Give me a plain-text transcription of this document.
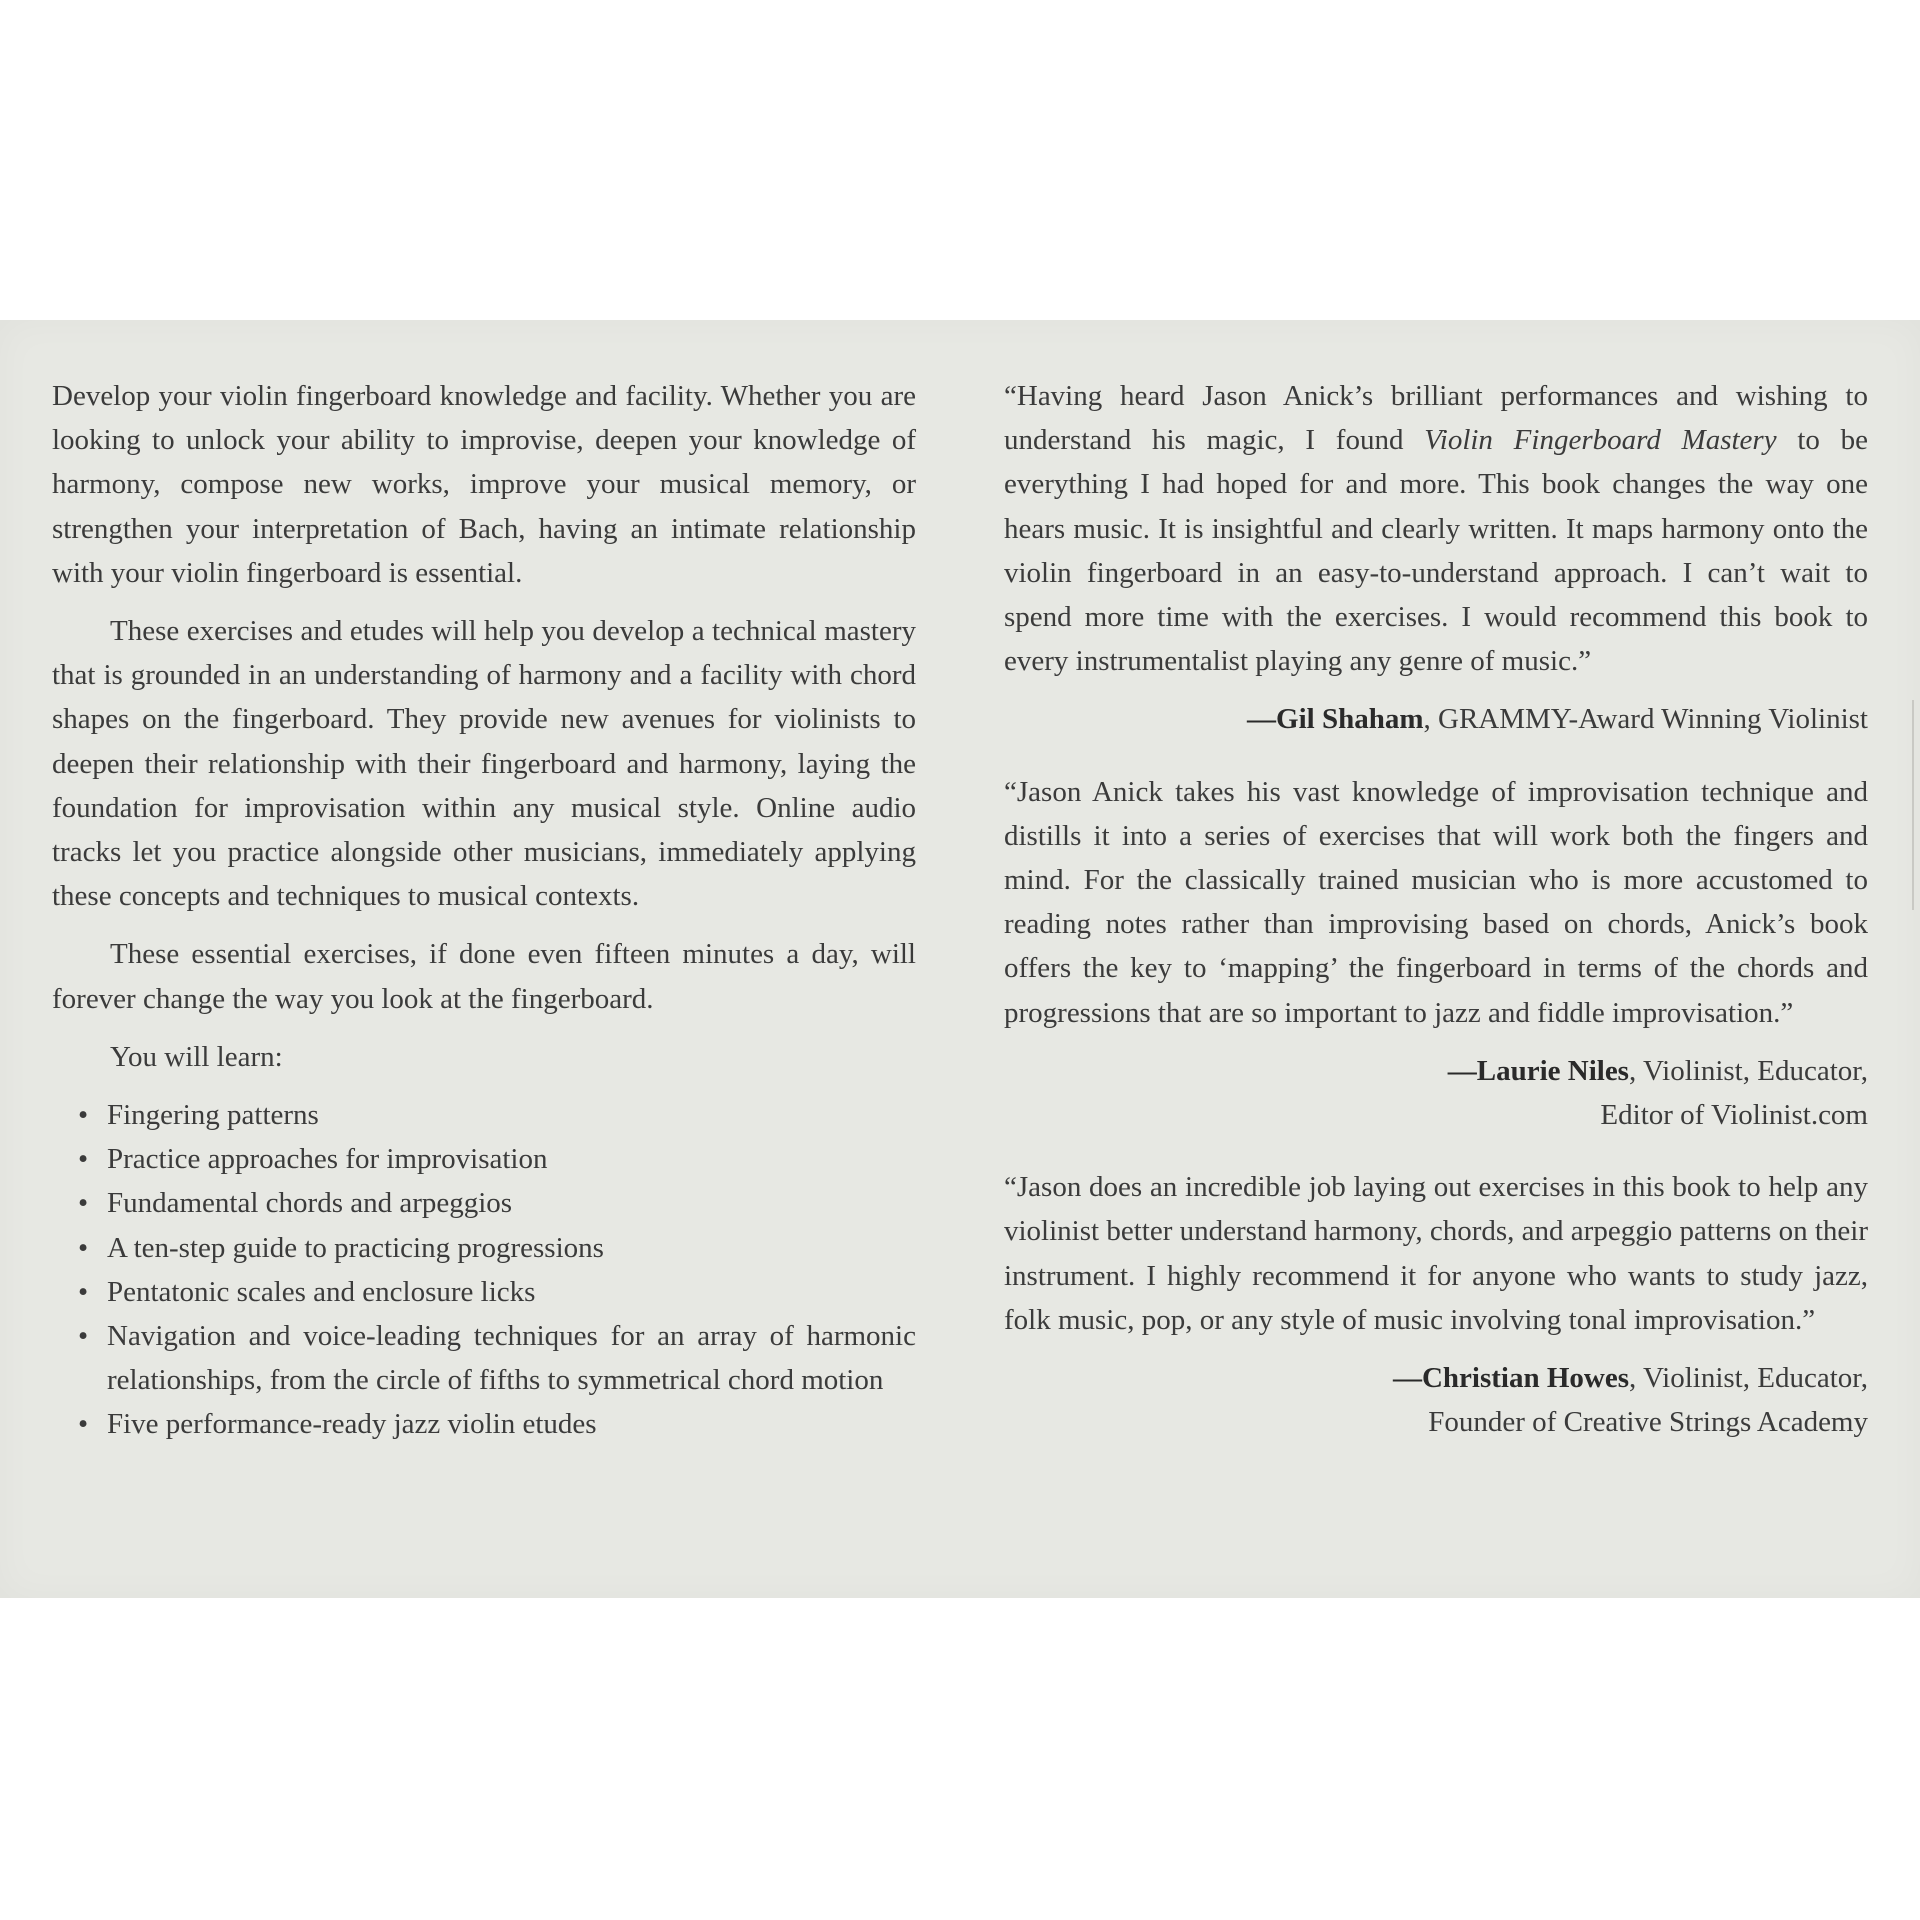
Develop your violin fingerboard knowledge and facility. Whether you are looking to unlock your ability to improvise, deepen your knowledge of harmony, compose new works, improve your musical memory, or strengthen your interpretation of Bach, having an intimate relationship with your violin fingerboard is essential.

These exercises and etudes will help you develop a technical mastery that is grounded in an understanding of harmony and a facility with chord shapes on the fingerboard. They provide new avenues for violinists to deepen their relationship with their fingerboard and harmony, laying the foundation for improvisation within any musical style. Online audio tracks let you practice alongside other musicians, immediately applying these concepts and techniques to musical contexts.

These essential exercises, if done even fifteen minutes a day, will forever change the way you look at the fingerboard.

You will learn:

• Fingering patterns
• Practice approaches for improvisation
• Fundamental chords and arpeggios
• A ten-step guide to practicing progressions
• Pentatonic scales and enclosure licks
• Navigation and voice-leading techniques for an array of harmonic relationships, from the circle of fifths to symmetrical chord motion
• Five performance-ready jazz violin etudes

“Having heard Jason Anick’s brilliant performances and wishing to understand his magic, I found Violin Fingerboard Mastery to be everything I had hoped for and more. This book changes the way one hears music. It is insightful and clearly written. It maps harmony onto the violin fingerboard in an easy-to-understand approach. I can’t wait to spend more time with the exercises. I would recommend this book to every instrumentalist playing any genre of music.”

—Gil Shaham, GRAMMY-Award Winning Violinist

“Jason Anick takes his vast knowledge of improvisation technique and distills it into a series of exercises that will work both the fingers and mind. For the classically trained musician who is more accustomed to reading notes rather than improvising based on chords, Anick’s book offers the key to ‘mapping’ the fingerboard in terms of the chords and progressions that are so important to jazz and fiddle improvisation.”

—Laurie Niles, Violinist, Educator,
Editor of Violinist.com

“Jason does an incredible job laying out exercises in this book to help any violinist better understand harmony, chords, and arpeggio patterns on their instrument. I highly recommend it for anyone who wants to study jazz, folk music, pop, or any style of music involving tonal improvisation.”

—Christian Howes, Violinist, Educator,
Founder of Creative Strings Academy
